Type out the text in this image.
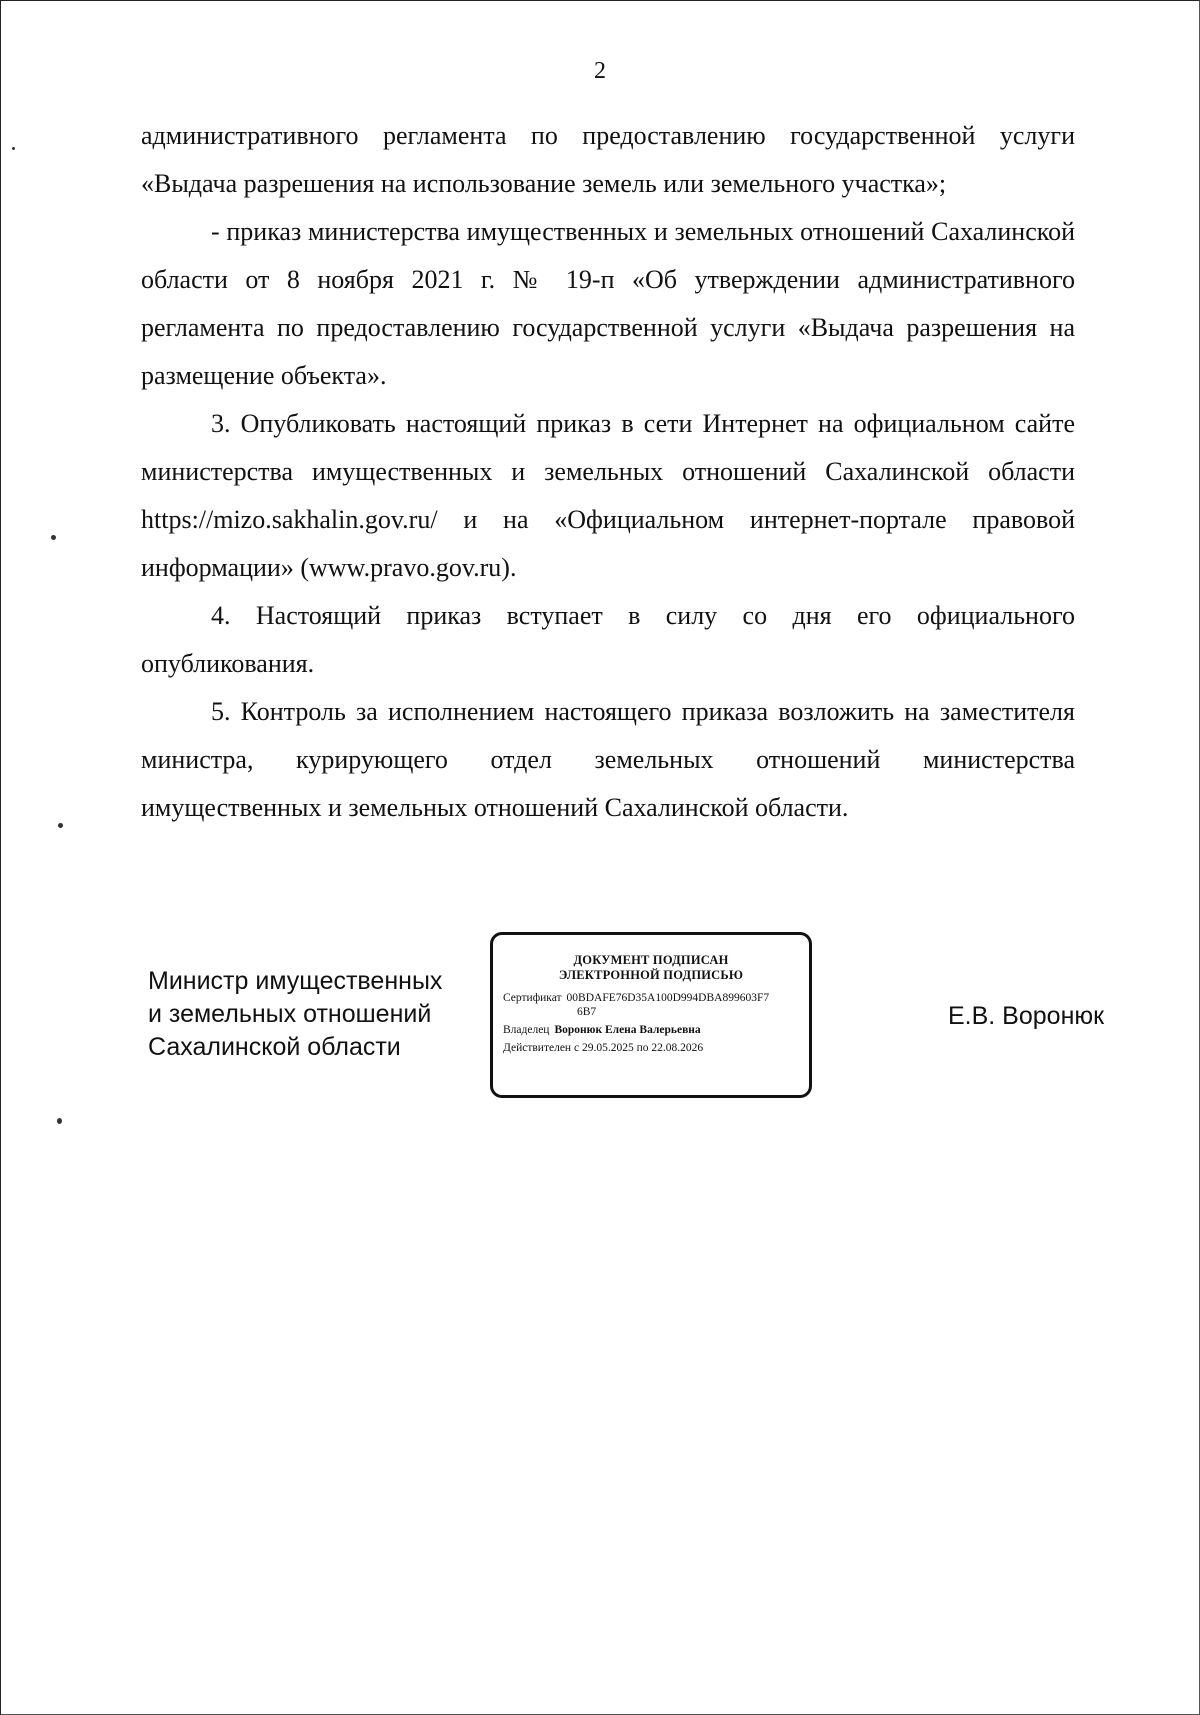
2

административного регламента по предоставлению государственной услуги «Выдача разрешения на использование земель или земельного участка»;

- приказ министерства имущественных и земельных отношений Сахалинской области от 8 ноября 2021 г. № 19-п «Об утверждении административного регламента по предоставлению государственной услуги «Выдача разрешения на размещение объекта».

3. Опубликовать настоящий приказ в сети Интернет на официальном сайте министерства имущественных и земельных отношений Сахалинской области https://mizo.sakhalin.gov.ru/ и на «Официальном интернет-портале правовой информации» (www.pravo.gov.ru).

4. Настоящий приказ вступает в силу со дня его официального опубликования.

5. Контроль за исполнением настоящего приказа возложить на заместителя министра, курирующего отдел земельных отношений министерства имущественных и земельных отношений Сахалинской области.

Министр имущественных
и земельных отношений
Сахалинской области
ДОКУМЕНТ ПОДПИСАН
ЭЛЕКТРОННОЙ ПОДПИСЬЮ
Сертификат 00BDAFE76D35A100D994DBA899603F7
6B7
Владелец Воронюк Елена Валерьевна
Действителен с 29.05.2025 по 22.08.2026
Е.В. Воронюк
